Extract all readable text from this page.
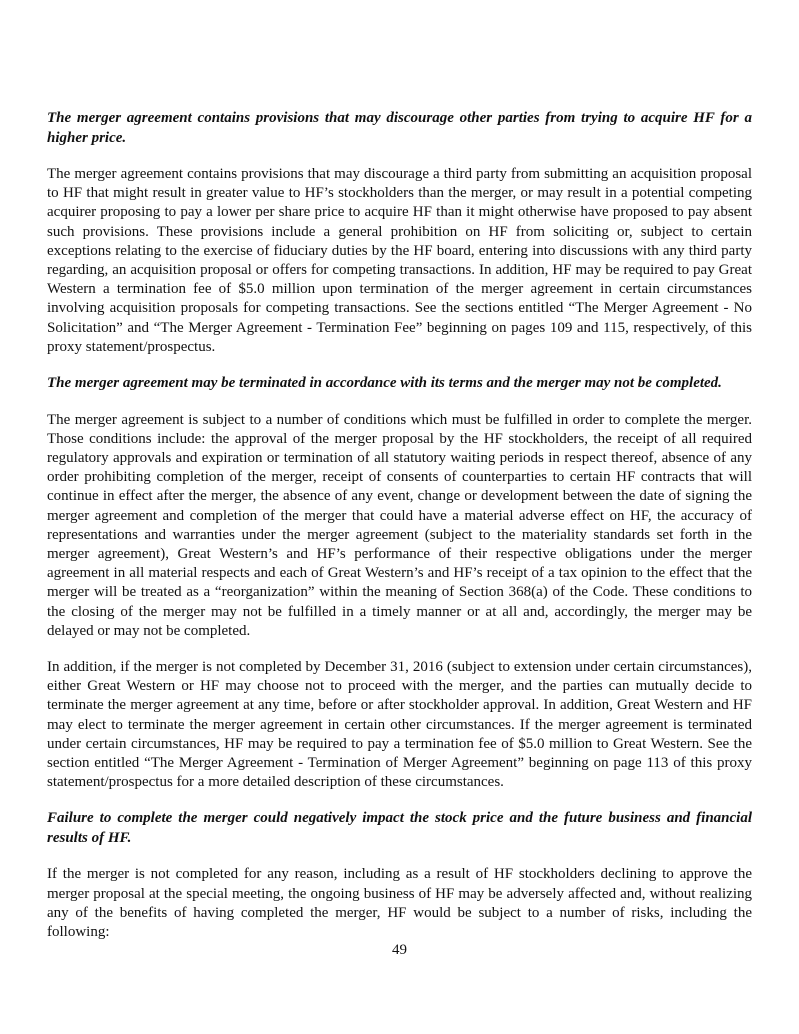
The merger agreement contains provisions that may discourage other parties from trying to acquire HF for a higher price.

The merger agreement contains provisions that may discourage a third party from submitting an acquisition proposal to HF that might result in greater value to HF’s stockholders than the merger, or may result in a potential competing acquirer proposing to pay a lower per share price to acquire HF than it might otherwise have proposed to pay absent such provisions. These provisions include a general prohibition on HF from soliciting or, subject to certain exceptions relating to the exercise of fiduciary duties by the HF board, entering into discussions with any third party regarding, an acquisition proposal or offers for competing transactions. In addition, HF may be required to pay Great Western a termination fee of $5.0 million upon termination of the merger agreement in certain circumstances involving acquisition proposals for competing transactions. See the sections entitled “The Merger Agreement - No Solicitation” and “The Merger Agreement - Termination Fee” beginning on pages 109 and 115, respectively, of this proxy statement/prospectus.

The merger agreement may be terminated in accordance with its terms and the merger may not be completed.

The merger agreement is subject to a number of conditions which must be fulfilled in order to complete the merger. Those conditions include: the approval of the merger proposal by the HF stockholders, the receipt of all required regulatory approvals and expiration or termination of all statutory waiting periods in respect thereof, absence of any order prohibiting completion of the merger, receipt of consents of counterparties to certain HF contracts that will continue in effect after the merger, the absence of any event, change or development between the date of signing the merger agreement and completion of the merger that could have a material adverse effect on HF, the accuracy of representations and warranties under the merger agreement (subject to the materiality standards set forth in the merger agreement), Great Western’s and HF’s performance of their respective obligations under the merger agreement in all material respects and each of Great Western’s and HF’s receipt of a tax opinion to the effect that the merger will be treated as a “reorganization” within the meaning of Section 368(a) of the Code. These conditions to the closing of the merger may not be fulfilled in a timely manner or at all and, accordingly, the merger may be delayed or may not be completed.

In addition, if the merger is not completed by December 31, 2016 (subject to extension under certain circumstances), either Great Western or HF may choose not to proceed with the merger, and the parties can mutually decide to terminate the merger agreement at any time, before or after stockholder approval. In addition, Great Western and HF may elect to terminate the merger agreement in certain other circumstances. If the merger agreement is terminated under certain circumstances, HF may be required to pay a termination fee of $5.0 million to Great Western. See the section entitled “The Merger Agreement - Termination of Merger Agreement” beginning on page 113 of this proxy statement/prospectus for a more detailed description of these circumstances.

Failure to complete the merger could negatively impact the stock price and the future business and financial results of HF.

If the merger is not completed for any reason, including as a result of HF stockholders declining to approve the merger proposal at the special meeting, the ongoing business of HF may be adversely affected and, without realizing any of the benefits of having completed the merger, HF would be subject to a number of risks, including the following:

49
